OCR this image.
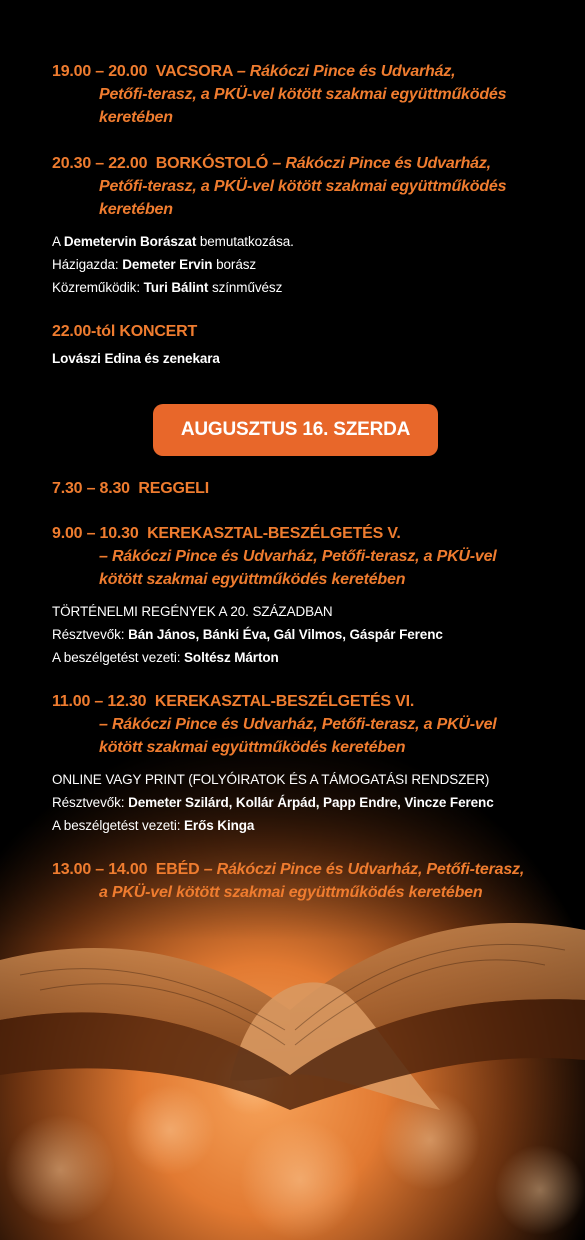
19.00 – 20.00 VACSORA – Rákóczi Pince és Udvarház,
Petőfi-terasz, a PKÜ-vel kötött szakmai együttműködés
keretében
20.30 – 22.00 BORKÓSTOLÓ – Rákóczi Pince és Udvarház,
Petőfi-terasz, a PKÜ-vel kötött szakmai együttműködés
keretében
A Demetervin Borászat bemutatkozása.
Házigazda: Demeter Ervin borász
Közreműködik: Turi Bálint színművész
22.00-tól KONCERT
Lovászi Edina és zenekara
AUGUSZTUS 16. SZERDA
7.30 – 8.30 REGGELI
9.00 – 10.30 KEREKASZTAL-BESZÉLGETÉS V.
– Rákóczi Pince és Udvarház, Petőfi-terasz, a PKÜ-vel
kötött szakmai együttműködés keretében
TÖRTÉNELMI REGÉNYEK A 20. SZÁZADBAN
Résztvevők: Bán János, Bánki Éva, Gál Vilmos, Gáspár Ferenc
A beszélgetést vezeti: Soltész Márton
11.00 – 12.30 KEREKASZTAL-BESZÉLGETÉS VI.
– Rákóczi Pince és Udvarház, Petőfi-terasz, a PKÜ-vel
kötött szakmai együttműködés keretében
ONLINE VAGY PRINT (FOLYÓIRATOK ÉS A TÁMOGATÁSI RENDSZER)
Résztvevők: Demeter Szilárd, Kollár Árpád, Papp Endre, Vincze Ferenc
A beszélgetést vezeti: Erős Kinga
13.00 – 14.00 EBÉD – Rákóczi Pince és Udvarház, Petőfi-terasz,
a PKÜ-vel kötött szakmai együttműködés keretében
